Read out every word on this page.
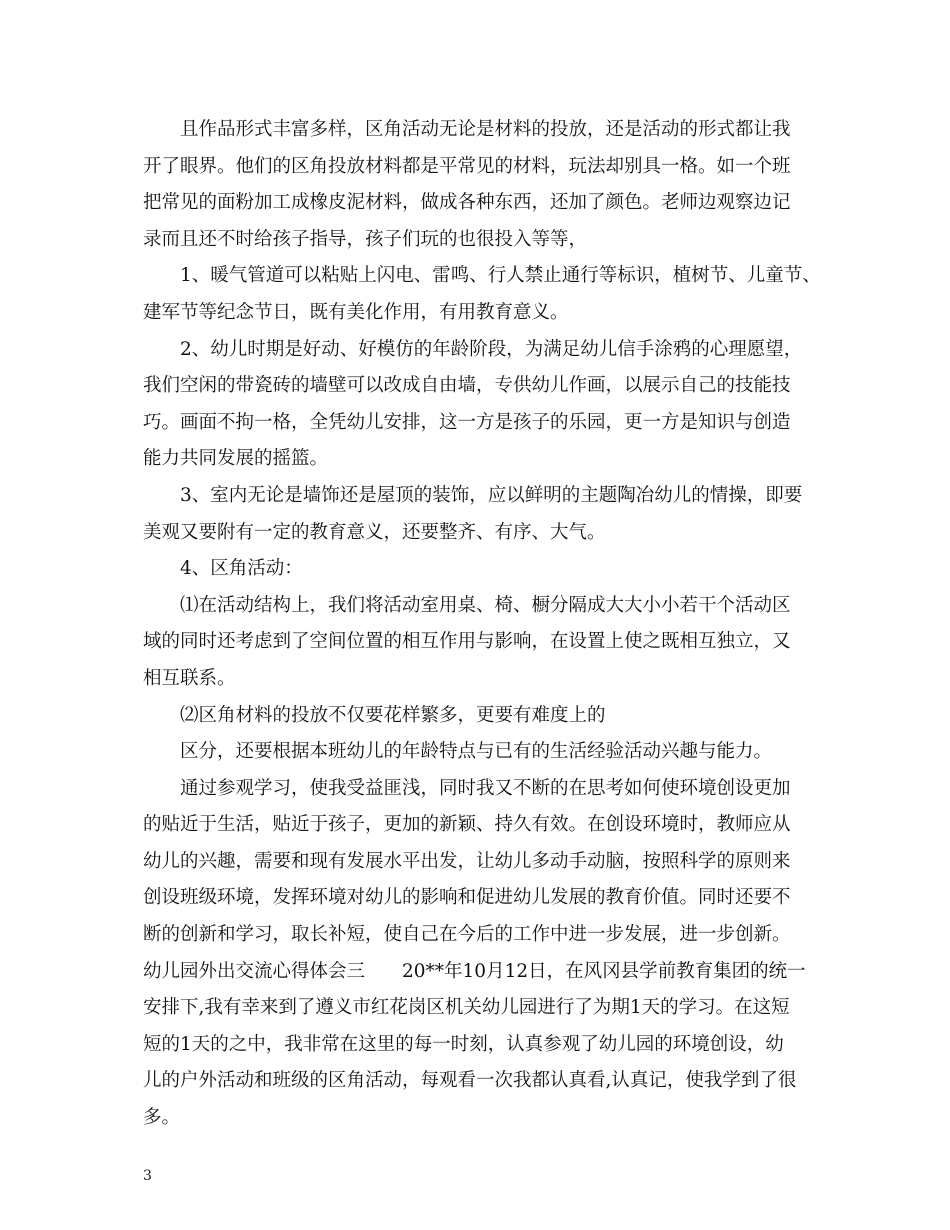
且作品形式丰富多样，区角活动无论是材料的投放，还是活动的形式都让我
开了眼界。他们的区角投放材料都是平常见的材料，玩法却别具一格。如一个班
把常见的面粉加工成橡皮泥材料，做成各种东西，还加了颜色。老师边观察边记
录而且还不时给孩子指导，孩子们玩的也很投入等等，
1、暖气管道可以粘贴上闪电、雷鸣、行人禁止通行等标识，植树节、儿童节、
建军节等纪念节日，既有美化作用，有用教育意义。
2、幼儿时期是好动、好模仿的年龄阶段，为满足幼儿信手涂鸦的心理愿望，
我们空闲的带瓷砖的墙壁可以改成自由墙，专供幼儿作画，以展示自己的技能技
巧。画面不拘一格，全凭幼儿安排，这一方是孩子的乐园，更一方是知识与创造
能力共同发展的摇篮。
3、室内无论是墙饰还是屋顶的装饰，应以鲜明的主题陶冶幼儿的情操，即要
美观又要附有一定的教育意义，还要整齐、有序、大气。
4、区角活动：
⑴在活动结构上，我们将活动室用桌、椅、橱分隔成大大小小若干个活动区
域的同时还考虑到了空间位置的相互作用与影响，在设置上使之既相互独立，又
相互联系。
⑵区角材料的投放不仅要花样繁多，更要有难度上的
区分，还要根据本班幼儿的年龄特点与已有的生活经验活动兴趣与能力。
通过参观学习，使我受益匪浅，同时我又不断的在思考如何使环境创设更加
的贴近于生活，贴近于孩子，更加的新颖、持久有效。在创设环境时，教师应从
幼儿的兴趣，需要和现有发展水平出发，让幼儿多动手动脑，按照科学的原则来
创设班级环境，发挥环境对幼儿的影响和促进幼儿发展的教育价值。同时还要不
断的创新和学习，取长补短，使自己在今后的工作中进一步发展，进一步创新。
幼儿园外出交流心得体会三　　20**年10月12日，在风冈县学前教育集团的统一
安排下,我有幸来到了遵义市红花岗区机关幼儿园进行了为期1天的学习。在这短
短的1天的之中，我非常在这里的每一时刻，认真参观了幼儿园的环境创设，幼
儿的户外活动和班级的区角活动，每观看一次我都认真看,认真记，使我学到了很
多。
3
